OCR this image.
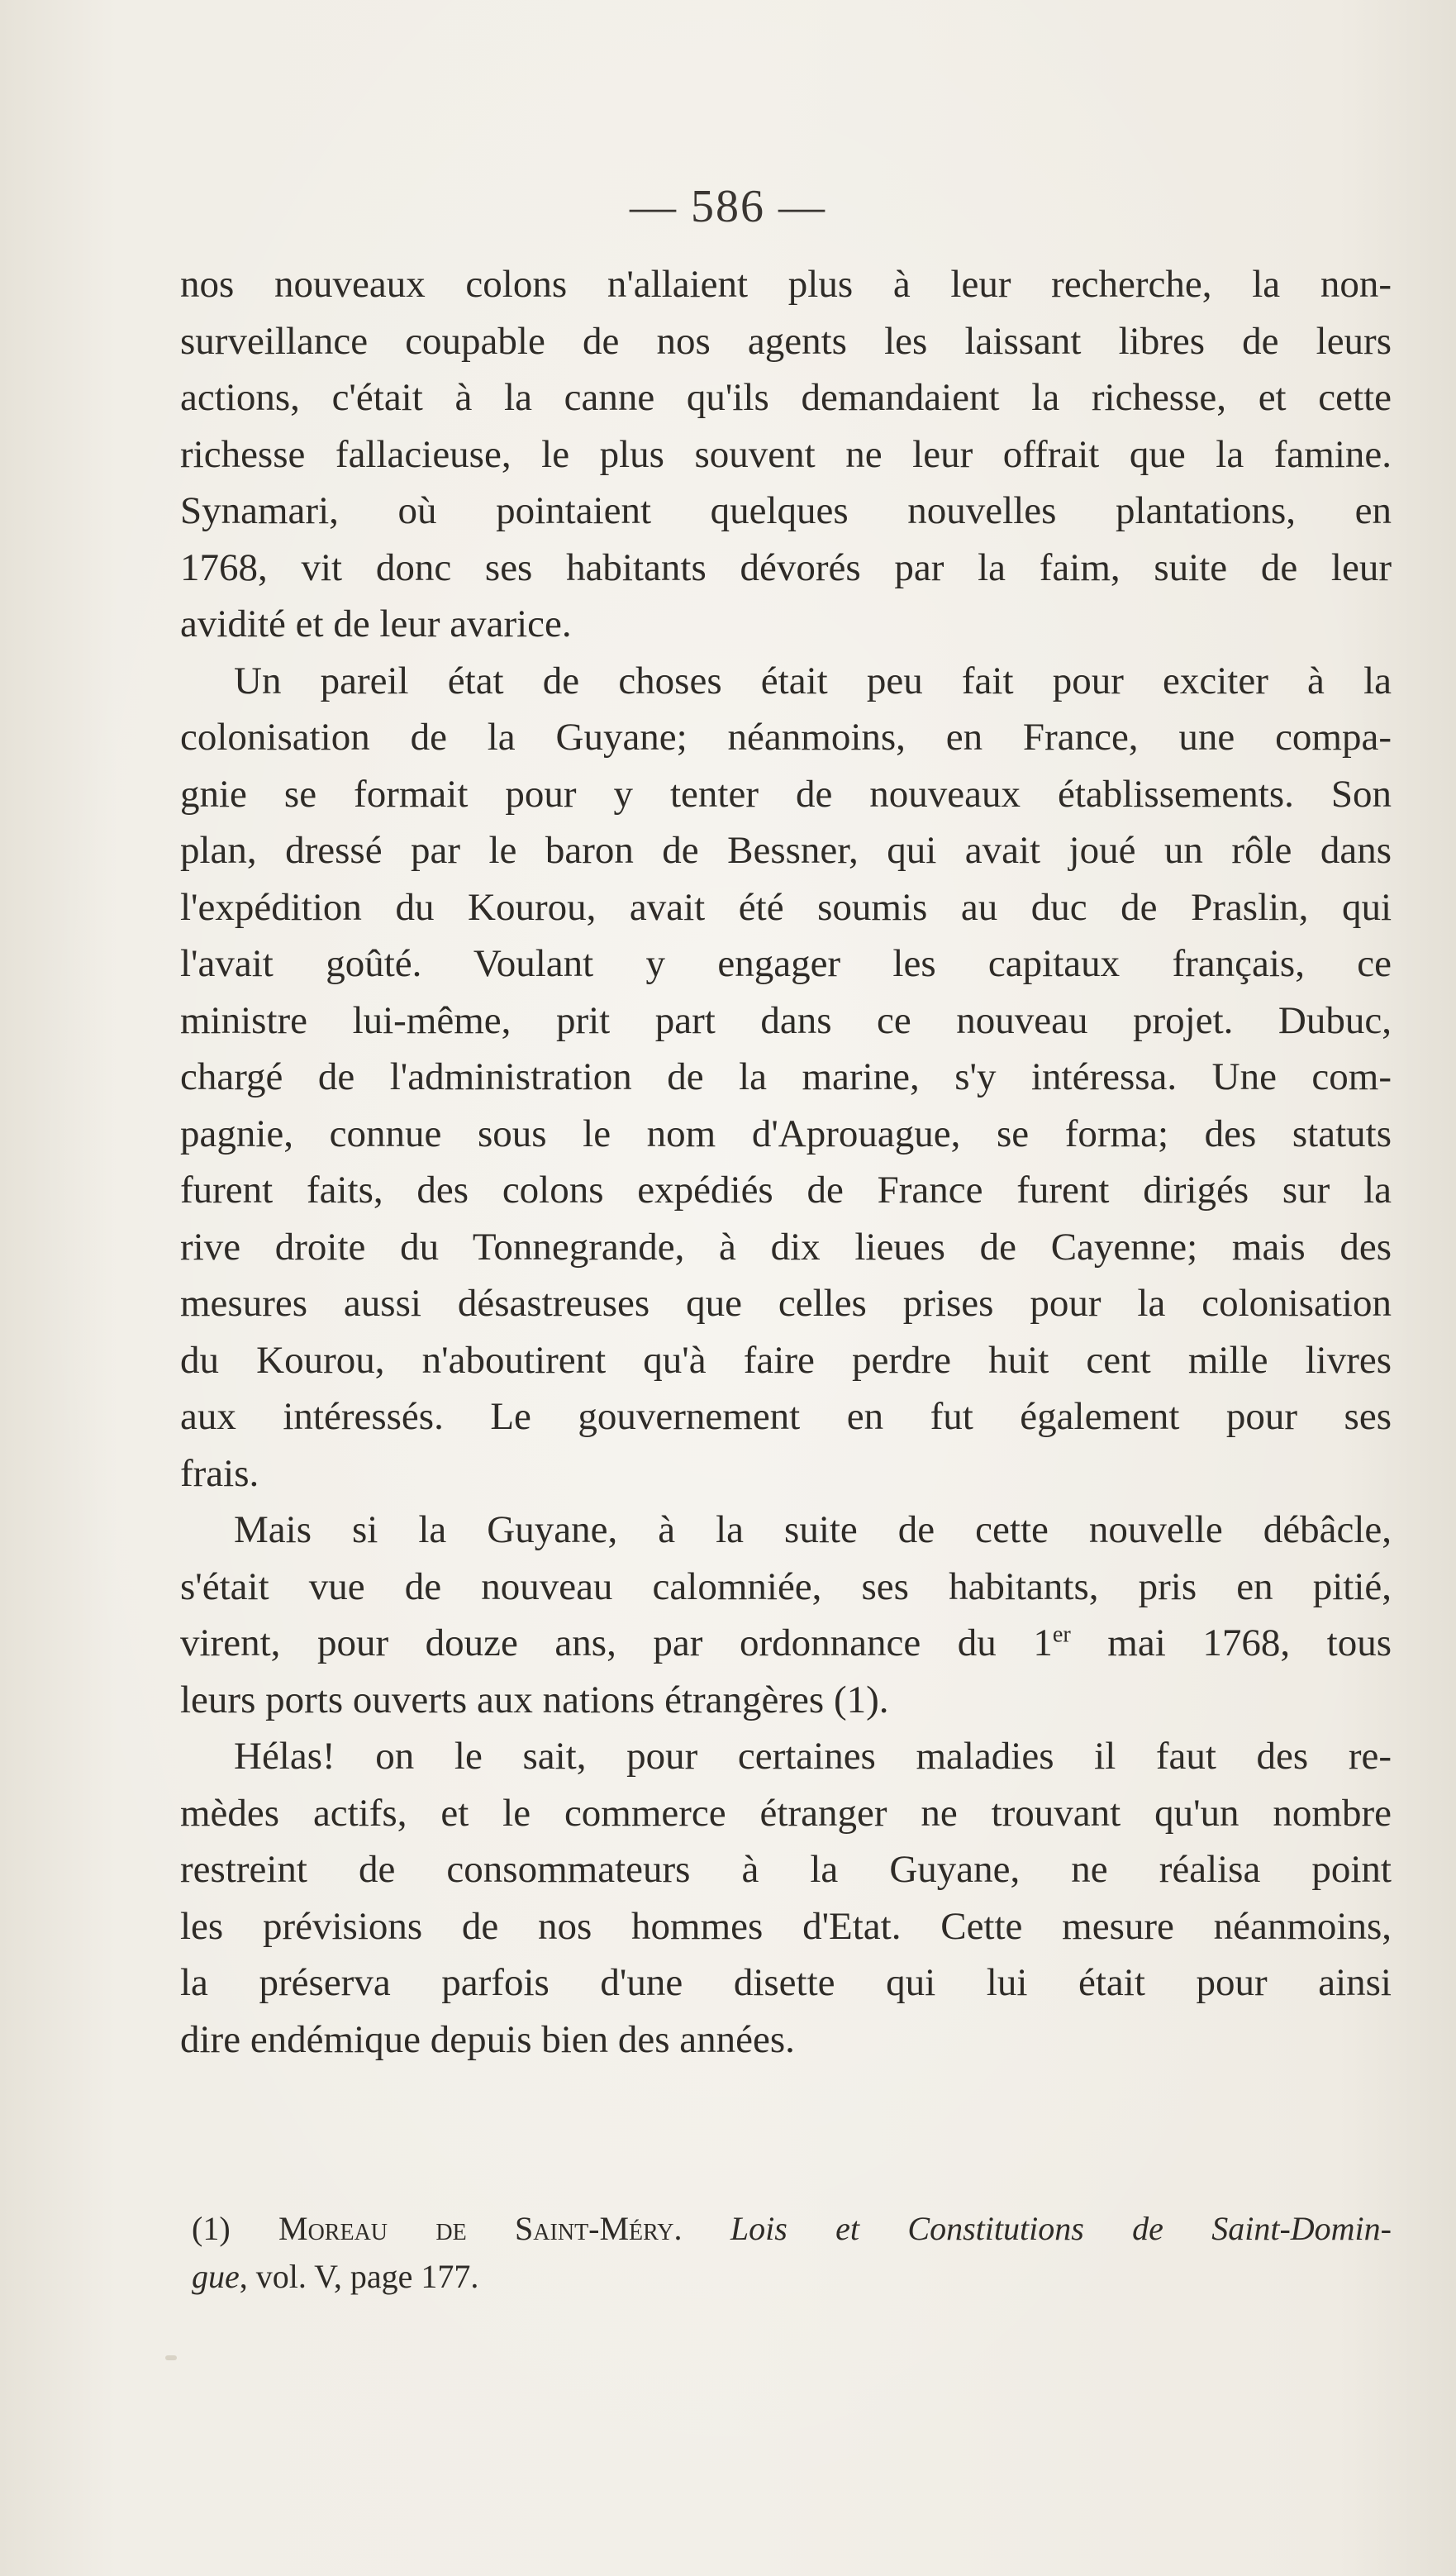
— 586 —
nos nouveaux colons n'allaient plus à leur recherche, la non-
surveillance coupable de nos agents les laissant libres de leurs
actions, c'était à la canne qu'ils demandaient la richesse, et cette
richesse fallacieuse, le plus souvent ne leur offrait que la famine.
Synamari, où pointaient quelques nouvelles plantations, en
1768, vit donc ses habitants dévorés par la faim, suite de leur
avidité et de leur avarice.
Un pareil état de choses était peu fait pour exciter à la
colonisation de la Guyane; néanmoins, en France, une compa-
gnie se formait pour y tenter de nouveaux établissements. Son
plan, dressé par le baron de Bessner, qui avait joué un rôle dans
l'expédition du Kourou, avait été soumis au duc de Praslin, qui
l'avait goûté. Voulant y engager les capitaux français, ce
ministre lui-même, prit part dans ce nouveau projet. Dubuc,
chargé de l'administration de la marine, s'y intéressa. Une com-
pagnie, connue sous le nom d'Aprouague, se forma; des statuts
furent faits, des colons expédiés de France furent dirigés sur la
rive droite du Tonnegrande, à dix lieues de Cayenne; mais des
mesures aussi désastreuses que celles prises pour la colonisation
du Kourou, n'aboutirent qu'à faire perdre huit cent mille livres
aux intéressés. Le gouvernement en fut également pour ses
frais.
Mais si la Guyane, à la suite de cette nouvelle débâcle,
s'était vue de nouveau calomniée, ses habitants, pris en pitié,
virent, pour douze ans, par ordonnance du 1er mai 1768, tous
leurs ports ouverts aux nations étrangères (1).
Hélas! on le sait, pour certaines maladies il faut des re-
mèdes actifs, et le commerce étranger ne trouvant qu'un nombre
restreint de consommateurs à la Guyane, ne réalisa point
les prévisions de nos hommes d'Etat. Cette mesure néanmoins,
la préserva parfois d'une disette qui lui était pour ainsi
dire endémique depuis bien des années.
(1) Moreau de Saint-Méry. Lois et Constitutions de Saint-Domin-
gue, vol. V, page 177.
